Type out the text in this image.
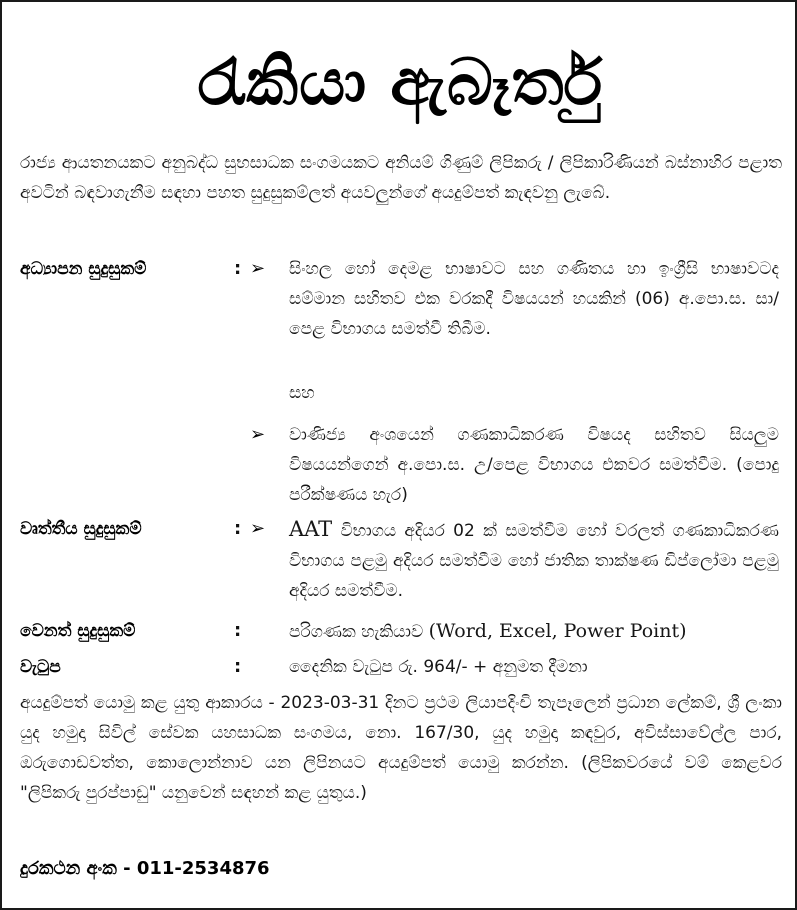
රැකියා ඇබෑර්තු

රාජ්‍ය ආයතනයකට අනුබද්ධ සුභසාධක සංගමයකට අනියම් ගිණුම් ලිපිකරු / ලිපිකාරිණියන් බස්නාහිර පළාත අවටින් බඳවාගැනීම සඳහා පහත සුදුසුකම්ලත් අයවලුන්ගේ අයදුම්පත් කැඳවනු ලැබේ.

අධ්‍යාපන සුදුසුකම්	: ➢ සිංහල හෝ දෙමළ භාෂාවට සහ ගණිතය හා ඉංග්‍රීසි භාෂාවටද සම්මාන සහිතව එක වරකදී විෂයයන් හයකින් (06) අ.පො.ස. සා/පෙළ විභාගය සමත්වී තිබීම.

සහ
➢ වාණිජ්‍ය අංශයෙන් ගණකාධිකරණ විෂයද සහිතව සියලුම විෂයයන්ගෙන් අ.පො.ස. උ/පෙළ විභාගය එකවර සමත්වීම. (පොදු පරීක්ෂණය හැර)

වෘත්තීය සුදුසුකම්	: ➢ AAT විභාගය අදියර 02 ක් සමත්වීම හෝ වරලත් ගණකාධිකරණ විභාගය පළමු අදියර සමත්වීම හෝ ජාතික තාක්ෂණ ඩිප්ලෝමා පළමු අදියර සමත්වීම.

වෙනත් සුදුසුකම්	:	පරිගණක හැකියාව (Word, Excel, Power Point)

වැටුප	:	දෛනික වැටුප රු. 964/- + අනුමත දීමනා

අයදුම්පත් යොමු කළ යුතු ආකාරය - 2023-03-31 දිනට ප්‍රථම ලියාපදිංචි තැපෑලෙන් ප්‍රධාන ලේකම්, ශ්‍රී ලංකා යුද හමුදා සිවිල් සේවක යහසාධක සංගමය, නො. 167/30, යුද හමුදා කඳවුර, අවිස්සාවේල්ල පාර, ඔරුගොඩවත්ත, කොලොන්නාව යන ලිපිනයට අයදුම්පත් යොමු කරන්න. (ලිපිකවරයේ වම් කෙළවර "ලිපිකරු පුරප්පාඩු" යනුවෙන් සඳහන් කළ යුතුය.)

දුරකථන අංක - 011-2534876
